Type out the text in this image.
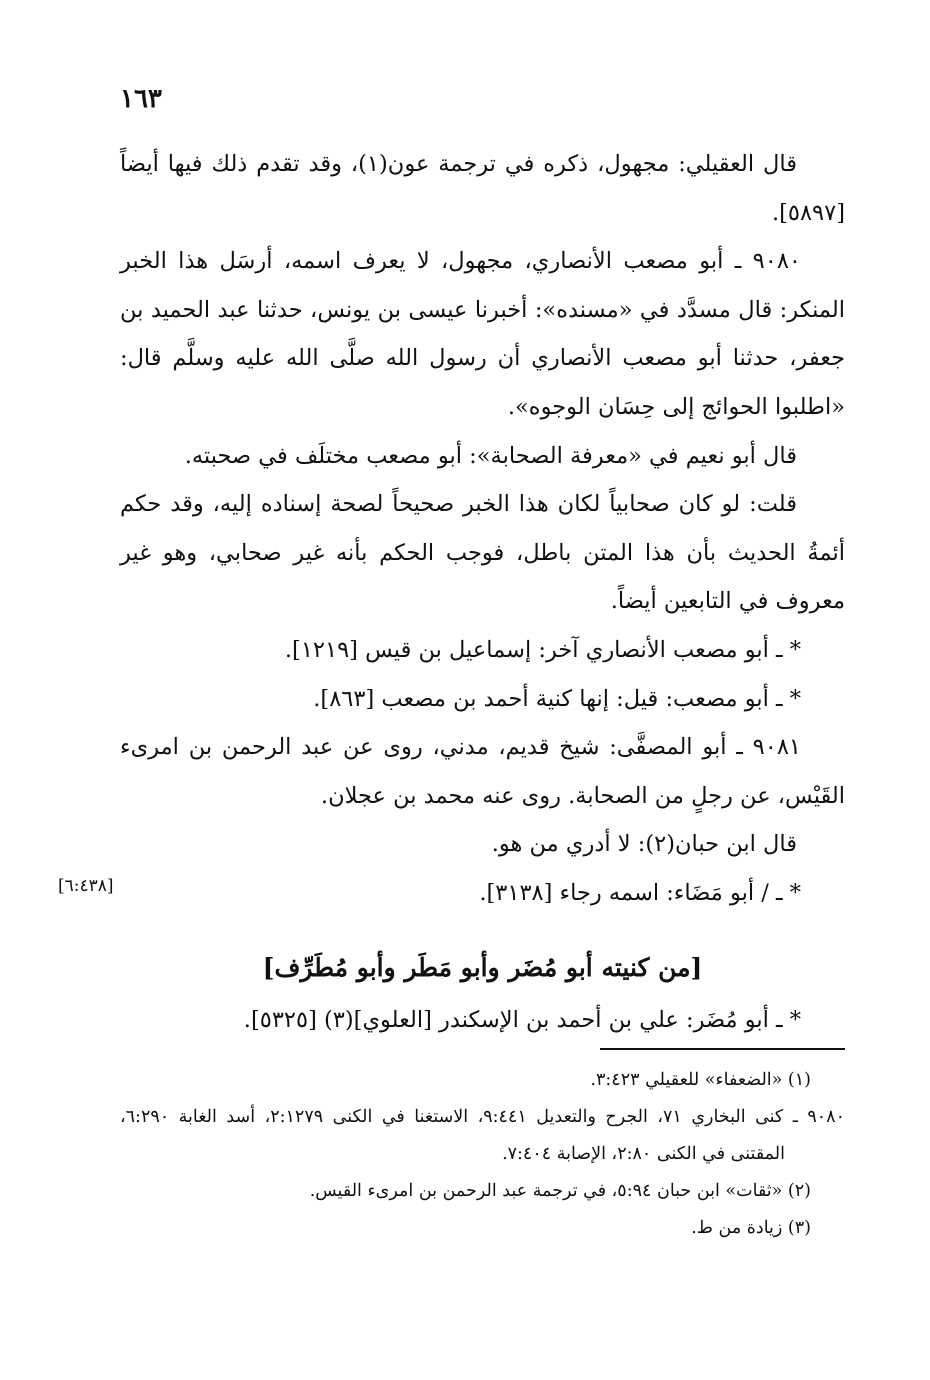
١٦٣

قال العقيلي: مجهول، ذكره في ترجمة عون(١)، وقد تقدم ذلك فيها أيضاً [٥٨٩٧].

٩٠٨٠ ـ أبو مصعب الأنصاري، مجهول، لا يعرف اسمه، أرسَل هذا الخبر المنكر: قال مسدَّد في «مسنده»: أخبرنا عيسى بن يونس، حدثنا عبد الحميد بن جعفر، حدثنا أبو مصعب الأنصاري أن رسول الله صلَّى الله عليه وسلَّم قال: «اطلبوا الحوائج إلى حِسَان الوجوه».

قال أبو نعيم في «معرفة الصحابة»: أبو مصعب مختلَف في صحبته.

قلت: لو كان صحابياً لكان هذا الخبر صحيحاً لصحة إسناده إليه، وقد حكم أئمةُ الحديث بأن هذا المتن باطل، فوجب الحكم بأنه غير صحابي، وهو غير معروف في التابعين أيضاً.

* ـ أبو مصعب الأنصاري آخر: إسماعيل بن قيس [١٢١٩].

* ـ أبو مصعب: قيل: إنها كنية أحمد بن مصعب [٨٦٣].

٩٠٨١ ـ أبو المصفَّى: شيخ قديم، مدني، روى عن عبد الرحمن بن امرىء القَيْس، عن رجلٍ من الصحابة. روى عنه محمد بن عجلان.

قال ابن حبان(٢): لا أدري من هو.

* ـ / أبو مَضَاء: اسمه رجاء [٣١٣٨].

[من كنيته أبو مُضَر وأبو مَطَر وأبو مُطَرِّف]

* ـ أبو مُضَر: علي بن أحمد بن الإسكندر [العلوي](٣) [٥٣٢٥].

[٦:٤٣٨]

(١) «الضعفاء» للعقيلي ٣:٤٢٣.

٩٠٨٠ ـ كنى البخاري ٧١، الجرح والتعديل ٩:٤٤١، الاستغنا في الكنى ٢:١٢٧٩، أسد الغابة ٦:٢٩٠، المقتنى في الكنى ٢:٨٠، الإصابة ٧:٤٠٤.

(٢) «ثقات» ابن حبان ٥:٩٤، في ترجمة عبد الرحمن بن امرىء القيس.

(٣) زيادة من ط.
